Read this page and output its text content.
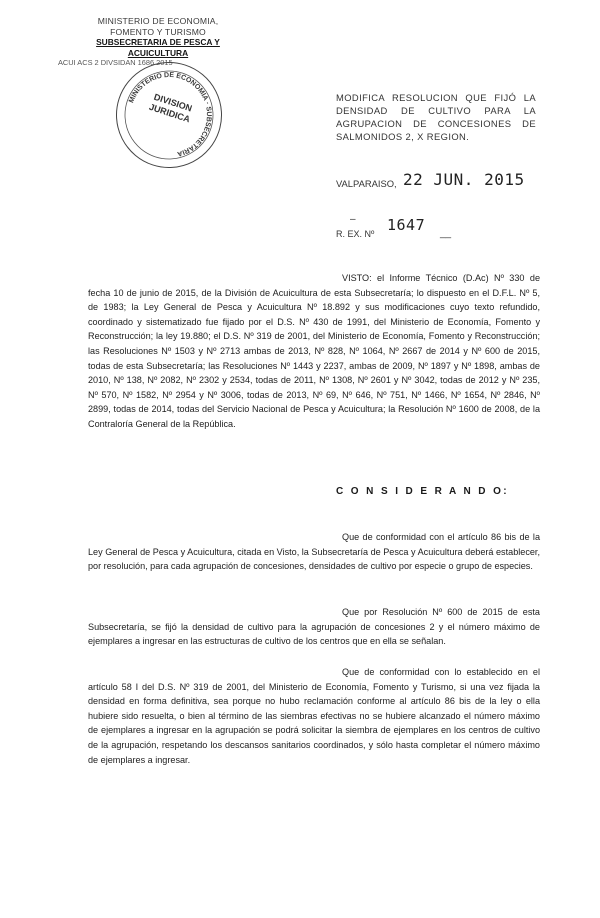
MINISTERIO DE ECONOMIA,
FOMENTO Y TURISMO
SUBSECRETARIA DE PESCA Y ACUICULTURA
ACUI ACS 2 DIVSIDAN 1686 2015
MINISTERIO DE ECONOMIA · SUBSECRETARIA
DIVISION JURIDICA
MODIFICA RESOLUCION QUE FIJÓ LA
DENSIDAD DE CULTIVO PARA LA
AGRUPACION DE CONCESIONES DE
SALMONIDOS 2, X REGION.
VALPARAISO, 22 JUN. 2015
–
R. EX. Nº 1647 __
VISTO: el Informe Técnico (D.Ac) Nº 330 de fecha 10 de junio de 2015, de la División de Acuicultura de esta Subsecretaría; lo dispuesto en el D.F.L. Nº 5, de 1983; la Ley General de Pesca y Acuicultura Nº 18.892 y sus modificaciones cuyo texto refundido, coordinado y sistematizado fue fijado por el D.S. Nº 430 de 1991, del Ministerio de Economía, Fomento y Reconstrucción; la ley 19.880; el D.S. Nº 319 de 2001, del Ministerio de Economía, Fomento y Reconstrucción; las Resoluciones Nº 1503 y Nº 2713 ambas de 2013, Nº 828, Nº 1064, Nº 2667 de 2014 y Nº 600 de 2015, todas de esta Subsecretaría; las Resoluciones Nº 1443 y 2237, ambas de 2009, Nº 1897 y Nº 1898, ambas de 2010, Nº 138, Nº 2082, Nº 2302 y 2534, todas de 2011, Nº 1308, Nº 2601 y Nº 3042, todas de 2012 y Nº 235, Nº 570, Nº 1582, Nº 2954 y Nº 3006, todas de 2013, Nº 69, Nº 646, Nº 751, Nº 1466, Nº 1654, Nº 2846, Nº 2899, todas de 2014, todas del Servicio Nacional de Pesca y Acuicultura; la Resolución Nº 1600 de 2008, de la Contraloría General de la República.
C O N S I D E R A N D O:
Que de conformidad con el artículo 86 bis de la Ley General de Pesca y Acuicultura, citada en Visto, la Subsecretaría de Pesca y Acuicultura deberá establecer, por resolución, para cada agrupación de concesiones, densidades de cultivo por especie o grupo de especies.
Que por Resolución Nº 600 de 2015 de esta Subsecretaría, se fijó la densidad de cultivo para la agrupación de concesiones 2 y el número máximo de ejemplares a ingresar en las estructuras de cultivo de los centros que en ella se señalan.
Que de conformidad con lo establecido en el artículo 58 I del D.S. Nº 319 de 2001, del Ministerio de Economía, Fomento y Turismo, si una vez fijada la densidad en forma definitiva, sea porque no hubo reclamación conforme al artículo 86 bis de la ley o ella hubiere sido resuelta, o bien al término de las siembras efectivas no se hubiere alcanzado el número máximo de ejemplares a ingresar en la agrupación se podrá solicitar la siembra de ejemplares en los centros de cultivo de la agrupación, respetando los descansos sanitarios coordinados, y sólo hasta completar el número máximo de ejemplares a ingresar.
